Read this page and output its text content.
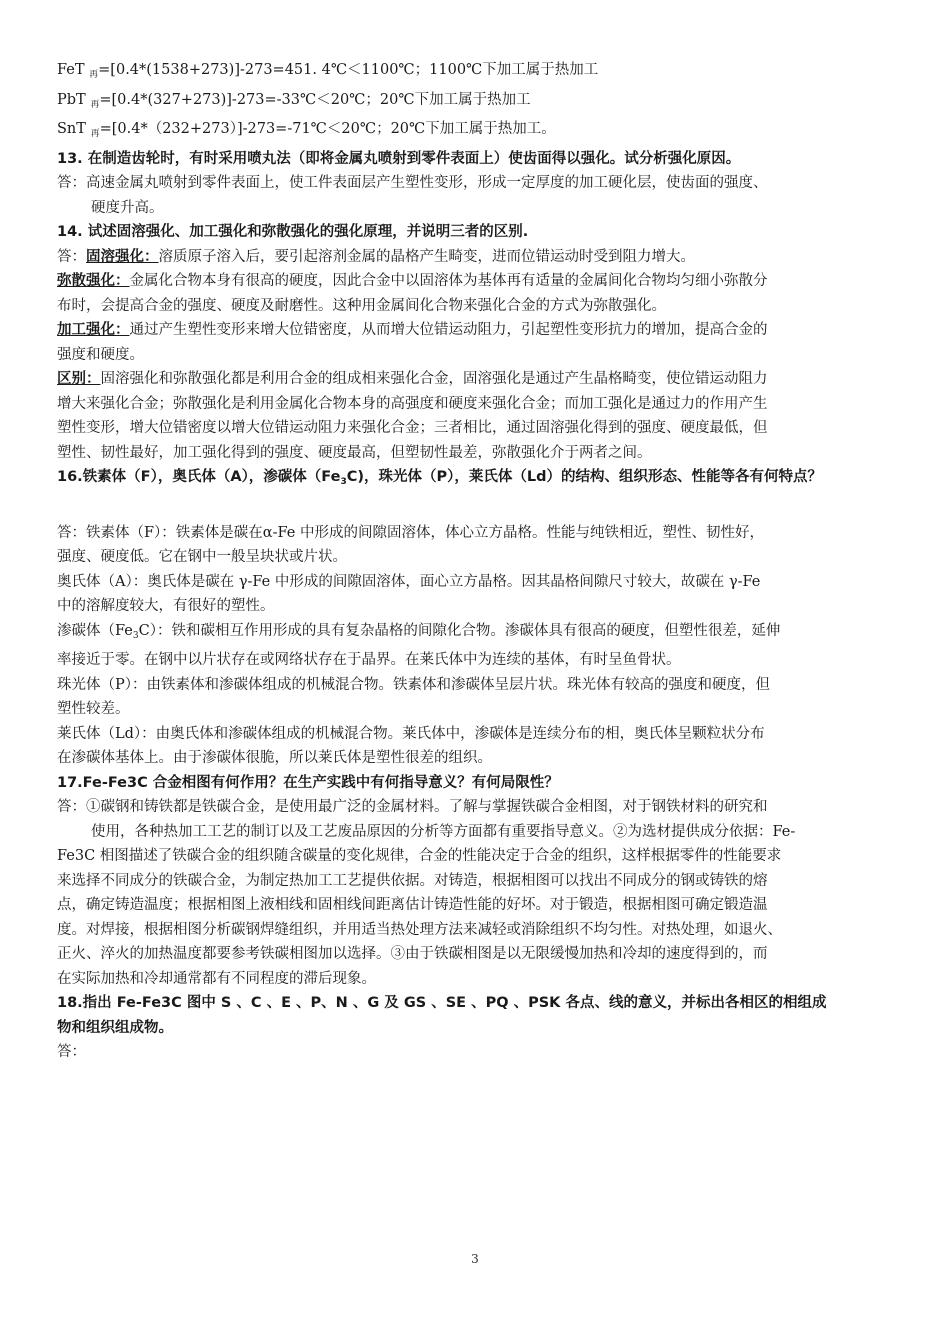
FeT $_再$=[0.4*(1538+273)]-273=451. 4℃＜1100℃；1100℃下加工属于热加工
PbT $_再$=[0.4*(327+273)]-273=-33℃＜20℃；20℃下加工属于热加工
SnT $_再$=[0.4*（232+273）]-273=-71℃＜20℃；20℃下加工属于热加工。
13. 在制造齿轮时，有时采用喷丸法（即将金属丸喷射到零件表面上）使齿面得以强化。试分析强化原因。
答：高速金属丸喷射到零件表面上，使工件表面层产生塑性变形，形成一定厚度的加工硬化层，使齿面的强度、
硬度升高。
14. 试述固溶强化、加工强化和弥散强化的强化原理，并说明三者的区别.
答：固溶强化：溶质原子溶入后，要引起溶剂金属的晶格产生畸变，进而位错运动时受到阻力增大。
弥散强化：金属化合物本身有很高的硬度，因此合金中以固溶体为基体再有适量的金属间化合物均匀细小弥散分
布时，会提高合金的强度、硬度及耐磨性。这种用金属间化合物来强化合金的方式为弥散强化。
加工强化：通过产生塑性变形来增大位错密度，从而增大位错运动阻力，引起塑性变形抗力的增加，提高合金的
强度和硬度。
区别：固溶强化和弥散强化都是利用合金的组成相来强化合金，固溶强化是通过产生晶格畸变，使位错运动阻力
增大来强化合金；弥散强化是利用金属化合物本身的高强度和硬度来强化合金；而加工强化是通过力的作用产生
塑性变形，增大位错密度以增大位错运动阻力来强化合金；三者相比，通过固溶强化得到的强度、硬度最低，但
塑性、韧性最好，加工强化得到的强度、硬度最高，但塑韧性最差，弥散强化介于两者之间。
16.铁素体（F），奥氏体（A），渗碳体$(Fe_3C)$，珠光体（P），莱氏体（Ld）的结构、组织形态、性能等各有何特点？
答：铁素体（F）：铁素体是碳在α-Fe 中形成的间隙固溶体，体心立方晶格。性能与纯铁相近，塑性、韧性好，
强度、硬度低。它在钢中一般呈块状或片状。
奥氏体（A）：奥氏体是碳在 γ-Fe 中形成的间隙固溶体，面心立方晶格。因其晶格间隙尺寸较大，故碳在 γ-Fe
中的溶解度较大，有很好的塑性。
渗碳体$(Fe_3C)$：铁和碳相互作用形成的具有复杂晶格的间隙化合物。渗碳体具有很高的硬度，但塑性很差，延伸
率接近于零。在钢中以片状存在或网络状存在于晶界。在莱氏体中为连续的基体，有时呈鱼骨状。
珠光体（P）：由铁素体和渗碳体组成的机械混合物。铁素体和渗碳体呈层片状。珠光体有较高的强度和硬度，但
塑性较差。
莱氏体（Ld）：由奥氏体和渗碳体组成的机械混合物。莱氏体中，渗碳体是连续分布的相，奥氏体呈颗粒状分布
在渗碳体基体上。由于渗碳体很脆，所以莱氏体是塑性很差的组织。
17.Fe-Fe3C 合金相图有何作用？在生产实践中有何指导意义？有何局限性？
答：①碳钢和铸铁都是铁碳合金，是使用最广泛的金属材料。了解与掌握铁碳合金相图，对于钢铁材料的研究和
使用，各种热加工工艺的制订以及工艺废品原因的分析等方面都有重要指导意义。②为选材提供成分依据：Fe-
Fe3C 相图描述了铁碳合金的组织随含碳量的变化规律，合金的性能决定于合金的组织，这样根据零件的性能要求
来选择不同成分的铁碳合金，为制定热加工工艺提供依据。对铸造，根据相图可以找出不同成分的钢或铸铁的熔
点，确定铸造温度；根据相图上液相线和固相线间距离估计铸造性能的好坏。对于锻造，根据相图可确定锻造温
度。对焊接，根据相图分析碳钢焊缝组织，并用适当热处理方法来减轻或消除组织不均匀性。对热处理，如退火、
正火、淬火的加热温度都要参考铁碳相图加以选择。③由于铁碳相图是以无限缓慢加热和冷却的速度得到的，而
在实际加热和冷却通常都有不同程度的滞后现象。
18.指出 Fe-Fe3C 图中 S 、C 、E 、P、N 、G 及 GS 、SE 、PQ 、PSK 各点、线的意义，并标出各相区的相组成
物和组织组成物。
答：
3
